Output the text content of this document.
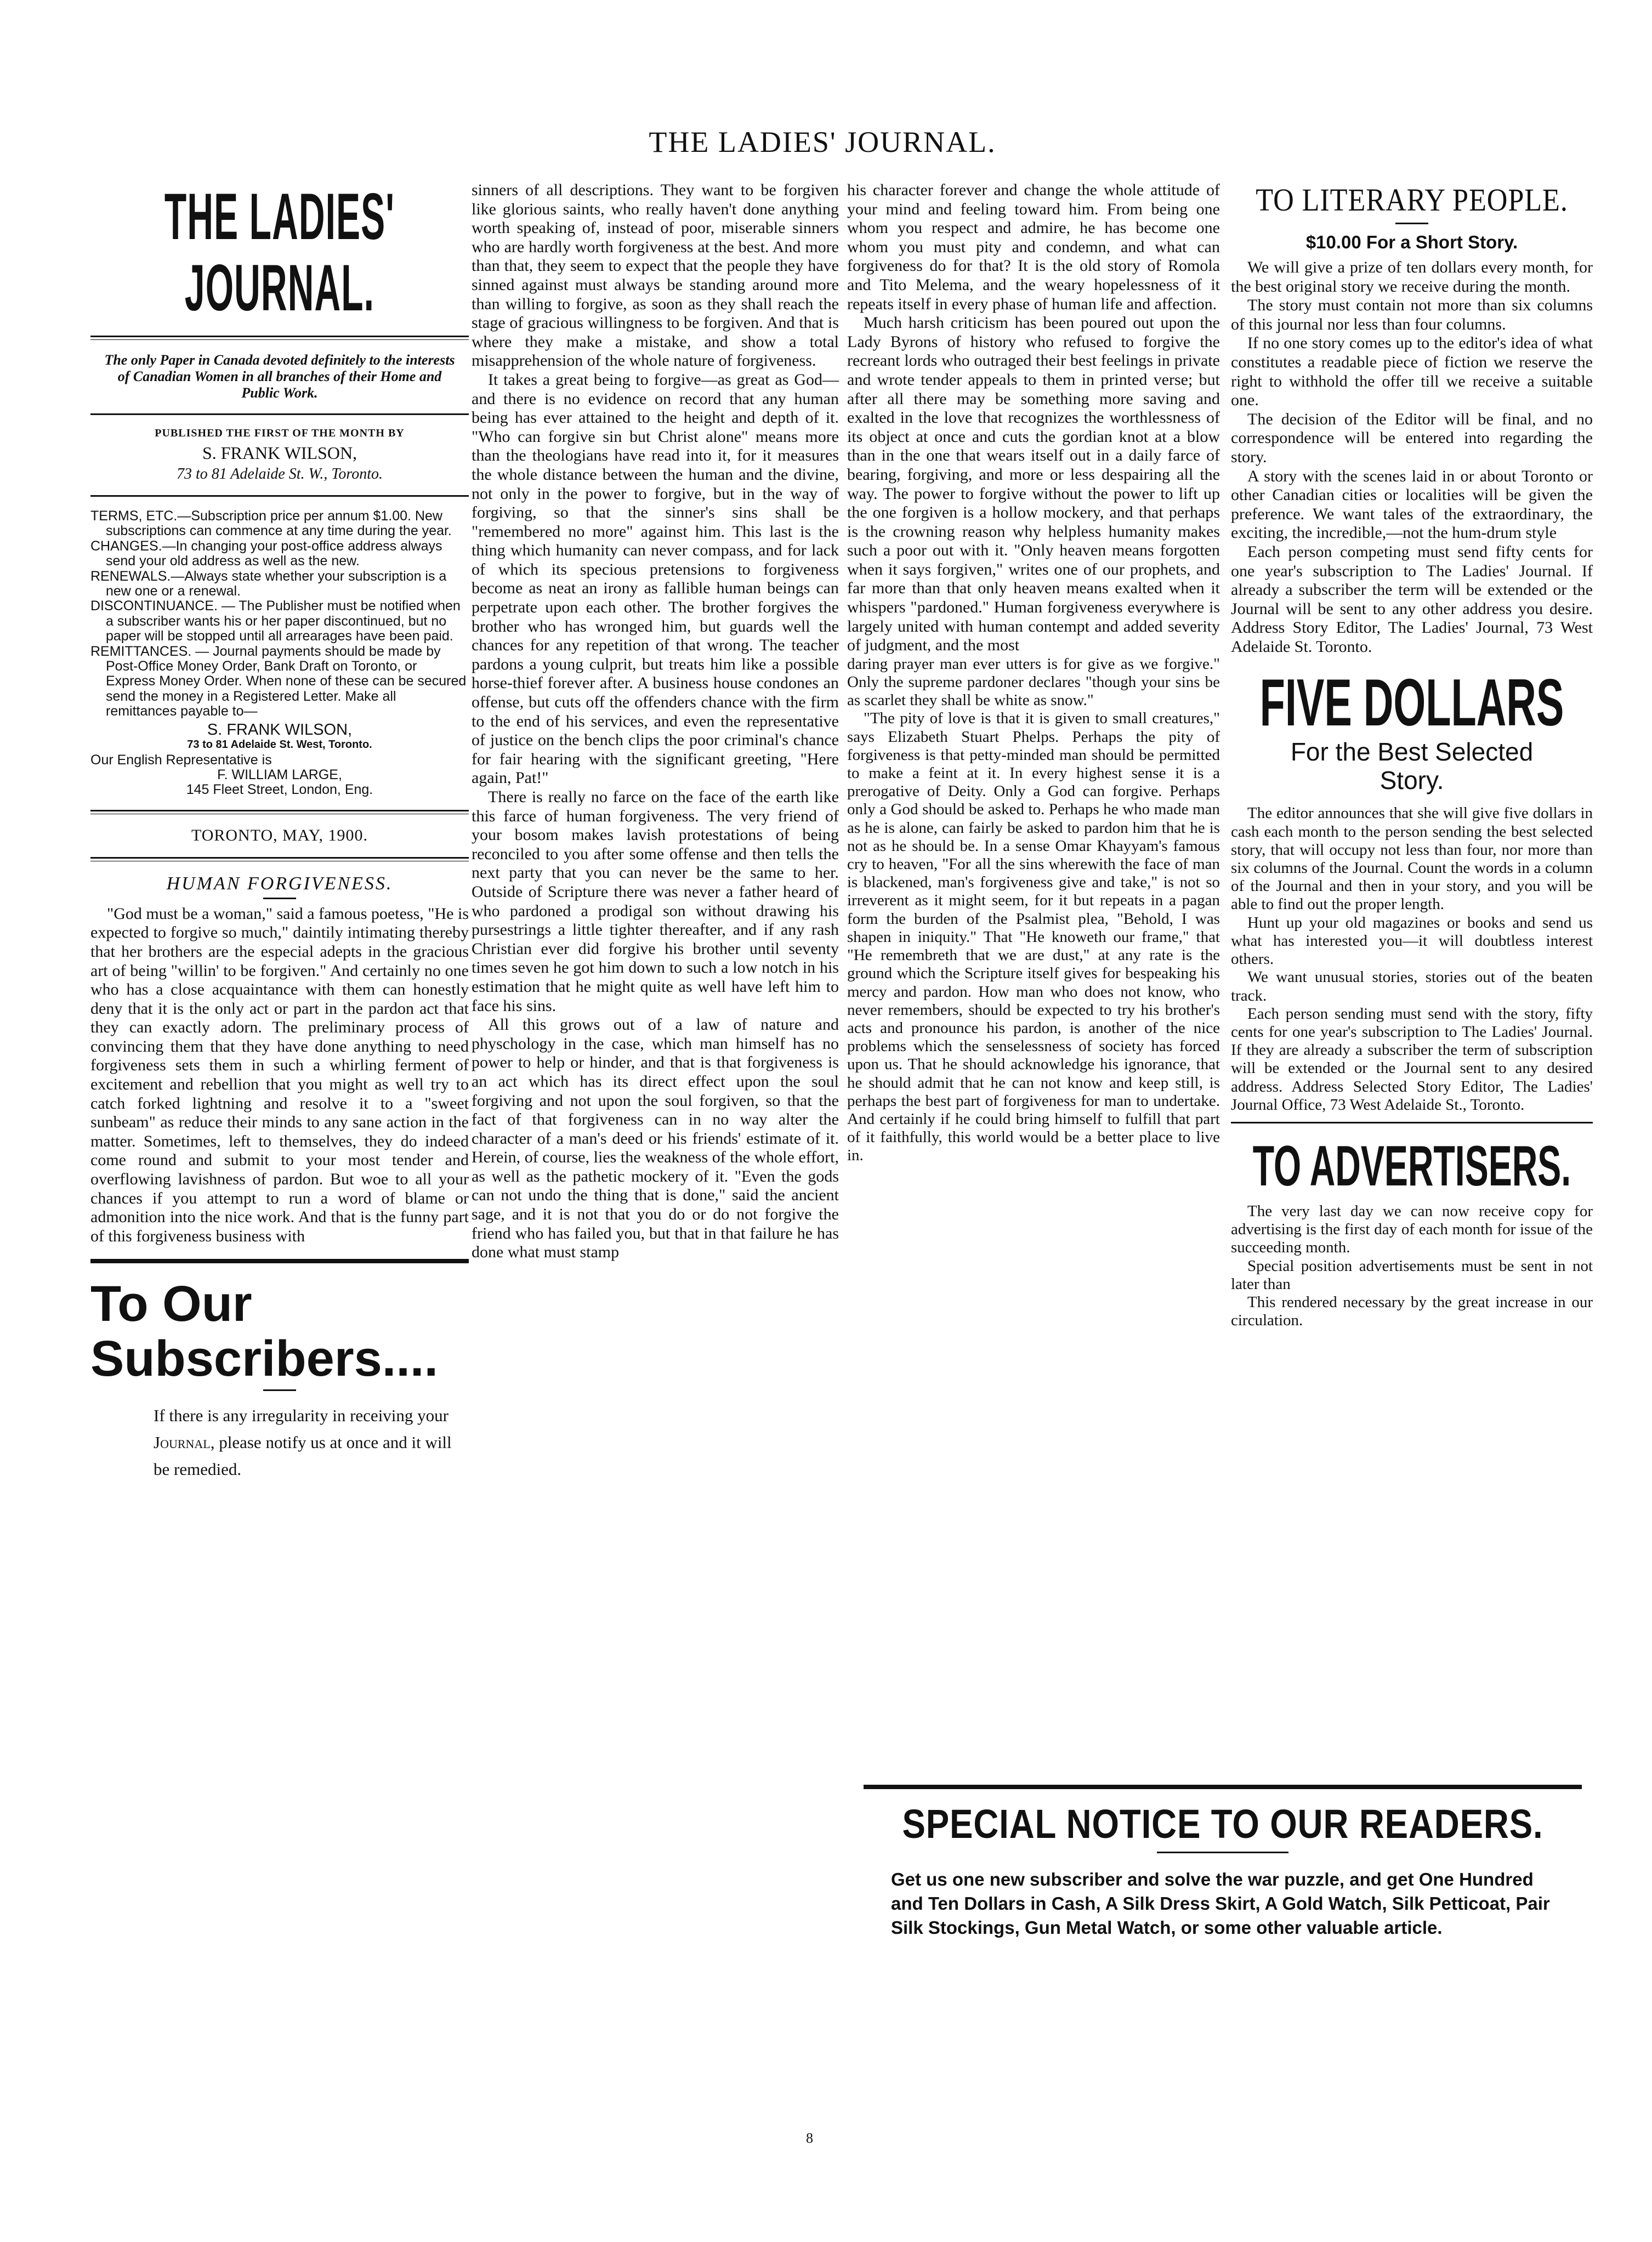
THE LADIES' JOURNAL.
THE LADIES' JOURNAL.
The only Paper in Canada devoted definitely to the interests of Canadian Women in all branches of their Home and Public Work.
PUBLISHED THE FIRST OF THE MONTH BY
S. FRANK WILSON,
73 to 81 Adelaide St. W., Toronto.
TERMS, ETC.—Subscription price per annum $1.00. New subscriptions can commence at any time during the year.
CHANGES.—In changing your post-office address always send your old address as well as the new.
RENEWALS.—Always state whether your subscription is a new one or a renewal.
DISCONTINUANCE. — The Publisher must be notified when a subscriber wants his or her paper discontinued, but no paper will be stopped until all arrearages have been paid.
REMITTANCES. — Journal payments should be made by Post-Office Money Order, Bank Draft on Toronto, or Express Money Order. When none of these can be secured send the money in a Registered Letter. Make all remittances payable to—
S. FRANK WILSON,
73 to 81 Adelaide St. West, Toronto.
Our English Representative is
F. WILLIAM LARGE,
145 Fleet Street, London, Eng.
TORONTO, MAY, 1900.
HUMAN FORGIVENESS.

"God must be a woman," said a famous poetess, "He is expected to forgive so much," daintily intimating thereby that her brothers are the especial adepts in the gracious art of being "willin' to be forgiven." And certainly no one who has a close acquaintance with them can honestly deny that it is the only act or part in the pardon act that they can exactly adorn. The preliminary process of convincing them that they have done anything to need forgiveness sets them in such a whirling ferment of excitement and rebellion that you might as well try to catch forked lightning and resolve it to a "sweet sunbeam" as reduce their minds to any sane action in the matter. Sometimes, left to themselves, they do indeed come round and submit to your most tender and overflowing lavishness of pardon. But woe to all your chances if you attempt to run a word of blame or admonition into the nice work. And that is the funny part of this forgiveness business with

To Our
Subscribers....
If there is any irregularity in receiving your Journal, please notify us at once and it will be remedied.

sinners of all descriptions. They want to be forgiven like glorious saints, who really haven't done anything worth speaking of, instead of poor, miserable sinners who are hardly worth forgiveness at the best. And more than that, they seem to expect that the people they have sinned against must always be standing around more than willing to forgive, as soon as they shall reach the stage of gracious willingness to be forgiven. And that is where they make a mistake, and show a total misapprehension of the whole nature of forgiveness.

It takes a great being to forgive—as great as God—and there is no evidence on record that any human being has ever attained to the height and depth of it. "Who can forgive sin but Christ alone" means more than the theologians have read into it, for it measures the whole distance between the human and the divine, not only in the power to forgive, but in the way of forgiving, so that the sinner's sins shall be "remembered no more" against him. This last is the thing which humanity can never compass, and for lack of which its specious pretensions to forgiveness become as neat an irony as fallible human beings can perpetrate upon each other. The brother forgives the brother who has wronged him, but guards well the chances for any repetition of that wrong. The teacher pardons a young culprit, but treats him like a possible horse-thief forever after. A business house condones an offense, but cuts off the offenders chance with the firm to the end of his services, and even the representative of justice on the bench clips the poor criminal's chance for fair hearing with the significant greeting, "Here again, Pat!"

There is really no farce on the face of the earth like this farce of human forgiveness. The very friend of your bosom makes lavish protestations of being reconciled to you after some offense and then tells the next party that you can never be the same to her. Outside of Scripture there was never a father heard of who pardoned a prodigal son without drawing his pursestrings a little tighter thereafter, and if any rash Christian ever did forgive his brother until seventy times seven he got him down to such a low notch in his estimation that he might quite as well have left him to face his sins.

All this grows out of a law of nature and physchology in the case, which man himself has no power to help or hinder, and that is that forgiveness is an act which has its direct effect upon the soul forgiving and not upon the soul forgiven, so that the fact of that forgiveness can in no way alter the character of a man's deed or his friends' estimate of it. Herein, of course, lies the weakness of the whole effort, as well as the pathetic mockery of it. "Even the gods can not undo the thing that is done," said the ancient sage, and it is not that you do or do not forgive the friend who has failed you, but that in that failure he has done what must stamp

his character forever and change the whole attitude of your mind and feeling toward him. From being one whom you respect and admire, he has become one whom you must pity and condemn, and what can forgiveness do for that? It is the old story of Romola and Tito Melema, and the weary hopelessness of it repeats itself in every phase of human life and affection.

Much harsh criticism has been poured out upon the Lady Byrons of history who refused to forgive the recreant lords who outraged their best feelings in private and wrote tender appeals to them in printed verse; but after all there may be something more saving and exalted in the love that recognizes the worthlessness of its object at once and cuts the gordian knot at a blow than in the one that wears itself out in a daily farce of bearing, forgiving, and more or less despairing all the way. The power to forgive without the power to lift up the one forgiven is a hollow mockery, and that perhaps is the crowning reason why helpless humanity makes such a poor out with it. "Only heaven means forgotten when it says forgiven," writes one of our prophets, and far more than that only heaven means exalted when it whispers "pardoned." Human forgiveness everywhere is largely united with human contempt and added severity of judgment, and the most

daring prayer man ever utters is for give as we forgive." Only the supreme pardoner declares "though your sins be as scarlet they shall be white as snow."

"The pity of love is that it is given to small creatures," says Elizabeth Stuart Phelps. Perhaps the pity of forgiveness is that petty-minded man should be permitted to make a feint at it. In every highest sense it is a prerogative of Deity. Only a God can forgive. Perhaps only a God should be asked to. Perhaps he who made man as he is alone, can fairly be asked to pardon him that he is not as he should be. In a sense Omar Khayyam's famous cry to heaven, "For all the sins wherewith the face of man is blackened, man's forgiveness give and take," is not so irreverent as it might seem, for it but repeats in a pagan form the burden of the Psalmist plea, "Behold, I was shapen in iniquity." That "He knoweth our frame," that "He remembreth that we are dust," at any rate is the ground which the Scripture itself gives for bespeaking his mercy and pardon. How man who does not know, who never remembers, should be expected to try his brother's acts and pronounce his pardon, is another of the nice problems which the senselessness of society has forced upon us. That he should acknowledge his ignorance, that he should admit that he can not know and keep still, is perhaps the best part of forgiveness for man to undertake. And certainly if he could bring himself to fulfill that part of it faithfully, this world would be a better place to live in.

TO LITERARY PEOPLE.
$10.00 For a Short Story.

We will give a prize of ten dollars every month, for the best original story we receive during the month.

The story must contain not more than six columns of this journal nor less than four columns.

If no one story comes up to the editor's idea of what constitutes a readable piece of fiction we reserve the right to withhold the offer till we receive a suitable one.

The decision of the Editor will be final, and no correspondence will be entered into regarding the story.

A story with the scenes laid in or about Toronto or other Canadian cities or localities will be given the preference. We want tales of the extraordinary, the exciting, the incredible,—not the hum-drum style

Each person competing must send fifty cents for one year's subscription to The Ladies' Journal. If already a subscriber the term will be extended or the Journal will be sent to any other address you desire. Address Story Editor, The Ladies' Journal, 73 West Adelaide St. Toronto.

FIVE DOLLARS
For the Best Selected
Story.

The editor announces that she will give five dollars in cash each month to the person sending the best selected story, that will occupy not less than four, nor more than six columns of the Journal. Count the words in a column of the Journal and then in your story, and you will be able to find out the proper length.

Hunt up your old magazines or books and send us what has interested you—it will doubtless interest others.

We want unusual stories, stories out of the beaten track.

Each person sending must send with the story, fifty cents for one year's subscription to The Ladies' Journal. If they are already a subscriber the term of subscription will be extended or the Journal sent to any desired address. Address Selected Story Editor, The Ladies' Journal Office, 73 West Adelaide St., Toronto.

TO ADVERTISERS.

The very last day we can now receive copy for advertising is the first day of each month for issue of the succeeding month.

Special position advertisements must be sent in not later than

This rendered necessary by the great increase in our circulation.

SPECIAL NOTICE TO OUR READERS.
Get us one new subscriber and solve the war puzzle, and get One Hundred and Ten Dollars in Cash, A Silk Dress Skirt, A Gold Watch, Silk Petticoat, Pair Silk Stockings, Gun Metal Watch, or some other valuable article.
8
